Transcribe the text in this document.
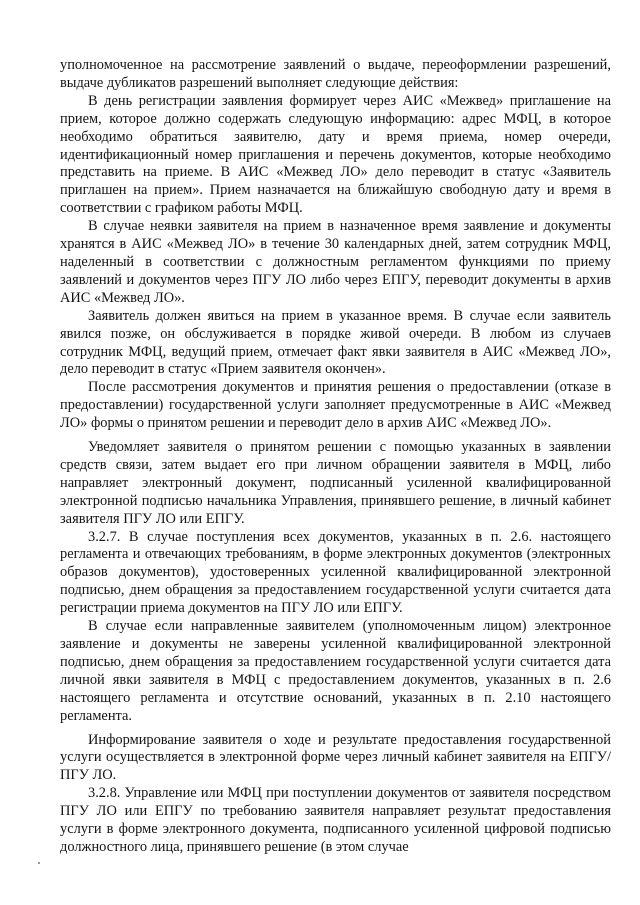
уполномоченное на рассмотрение заявлений о выдаче, переоформлении разрешений, выдаче дубликатов разрешений выполняет следующие действия:

В день регистрации заявления формирует через АИС «Межвед» приглашение на прием, которое должно содержать следующую информацию: адрес МФЦ, в которое необходимо обратиться заявителю, дату и время приема, номер очереди, идентификационный номер приглашения и перечень документов, которые необходимо представить на приеме. В АИС «Межвед ЛО» дело переводит в статус «Заявитель приглашен на прием». Прием назначается на ближайшую свободную дату и время в соответствии с графиком работы МФЦ.

В случае неявки заявителя на прием в назначенное время заявление и документы хранятся в АИС «Межвед ЛО» в течение 30 календарных дней, затем сотрудник МФЦ, наделенный в соответствии с должностным регламентом функциями по приему заявлений и документов через ПГУ ЛО либо через ЕПГУ, переводит документы в архив АИС «Межвед ЛО».

Заявитель должен явиться на прием в указанное время. В случае если заявитель явился позже, он обслуживается в порядке живой очереди. В любом из случаев сотрудник МФЦ, ведущий прием, отмечает факт явки заявителя в АИС «Межвед ЛО», дело переводит в статус «Прием заявителя окончен».

После рассмотрения документов и принятия решения о предоставлении (отказе в предоставлении) государственной услуги заполняет предусмотренные в АИС «Межвед ЛО» формы о принятом решении и переводит дело в архив АИС «Межвед ЛО».

Уведомляет заявителя о принятом решении с помощью указанных в заявлении средств связи, затем выдает его при личном обращении заявителя в МФЦ, либо направляет электронный документ, подписанный усиленной квалифицированной электронной подписью начальника Управления, принявшего решение, в личный кабинет заявителя ПГУ ЛО или ЕПГУ.

3.2.7. В случае поступления всех документов, указанных в п. 2.6. настоящего регламента и отвечающих требованиям, в форме электронных документов (электронных образов документов), удостоверенных усиленной квалифицированной электронной подписью, днем обращения за предоставлением государственной услуги считается дата регистрации приема документов на ПГУ ЛО или ЕПГУ.

В случае если направленные заявителем (уполномоченным лицом) электронное заявление и документы не заверены усиленной квалифицированной электронной подписью, днем обращения за предоставлением государственной услуги считается дата личной явки заявителя в МФЦ с предоставлением документов, указанных в п. 2.6 настоящего регламента и отсутствие оснований, указанных в п. 2.10 настоящего регламента.

Информирование заявителя о ходе и результате предоставления государственной услуги осуществляется в электронной форме через личный кабинет заявителя на ЕПГУ/ПГУ ЛО.

3.2.8. Управление или МФЦ при поступлении документов от заявителя посредством ПГУ ЛО или ЕПГУ по требованию заявителя направляет результат предоставления услуги в форме электронного документа, подписанного усиленной цифровой подписью должностного лица, принявшего решение (в этом случае
